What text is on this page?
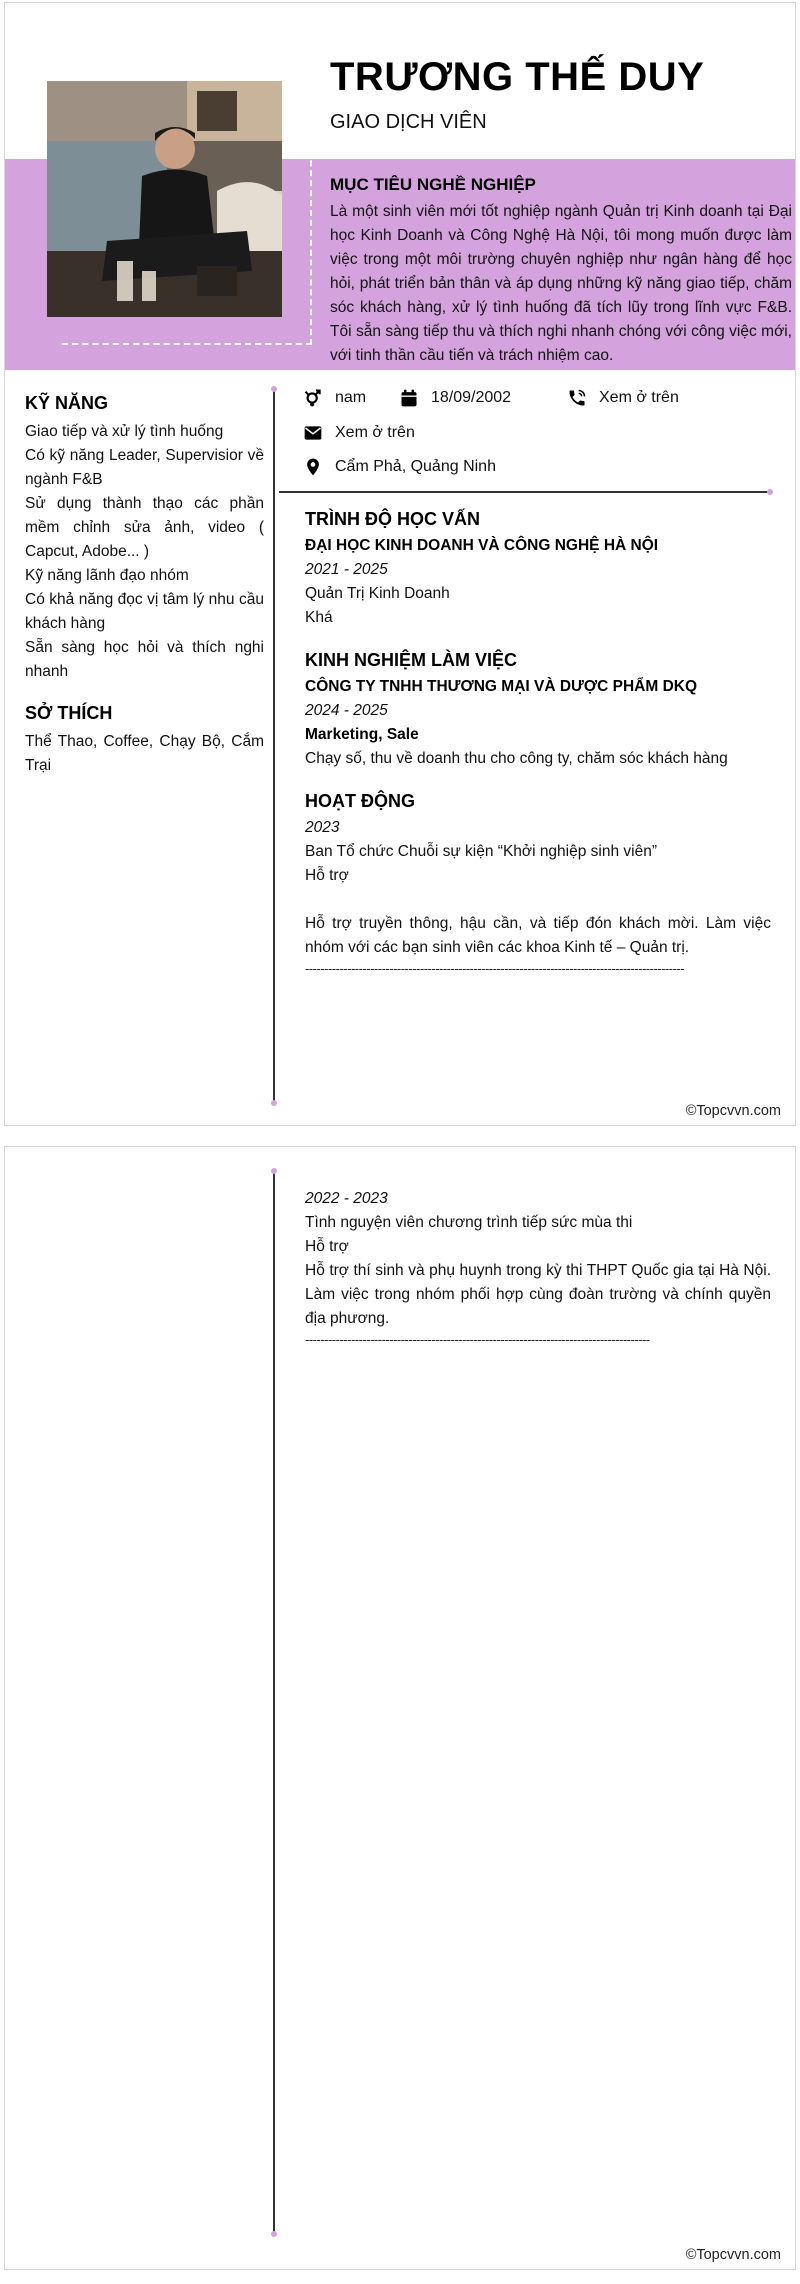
TRƯƠNG THẾ DUY
GIAO DỊCH VIÊN
MỤC TIÊU NGHỀ NGHIỆP
Là một sinh viên mới tốt nghiệp ngành Quản trị Kinh doanh tại Đại học Kinh Doanh và Công Nghệ Hà Nội, tôi mong muốn được làm việc trong một môi trường chuyên nghiệp như ngân hàng để học hỏi, phát triển bản thân và áp dụng những kỹ năng giao tiếp, chăm sóc khách hàng, xử lý tình huống đã tích lũy trong lĩnh vực F&B. Tôi sẵn sàng tiếp thu và thích nghi nhanh chóng với công việc mới, với tinh thần cầu tiến và trách nhiệm cao.
KỸ NĂNG
Giao tiếp và xử lý tình huống
Có kỹ năng Leader, Supervisior về ngành F&B
Sử dụng thành thạo các phần mềm chỉnh sửa ảnh, video ( Capcut, Adobe... )
Kỹ năng lãnh đạo nhóm
Có khả năng đọc vị tâm lý nhu cầu khách hàng
Sẵn sàng học hỏi và thích nghi nhanh
SỞ THÍCH
Thể Thao, Coffee, Chạy Bộ, Cắm Trại
nam	18/09/2002	Xem ở trên
Xem ở trên
Cẩm Phả, Quảng Ninh
TRÌNH ĐỘ HỌC VẤN
ĐẠI HỌC KINH DOANH VÀ CÔNG NGHỆ HÀ NỘI
2021 - 2025
Quản Trị Kinh Doanh
Khá
KINH NGHIỆM LÀM VIỆC
CÔNG TY TNHH THƯƠNG MẠI VÀ DƯỢC PHẨM DKQ
2024 - 2025
Marketing, Sale
Chạy số, thu về doanh thu cho công ty, chăm sóc khách hàng
HOẠT ĐỘNG
2023
Ban Tổ chức Chuỗi sự kiện “Khởi nghiệp sinh viên”
Hỗ trợ
Hỗ trợ truyền thông, hậu cần, và tiếp đón khách mời. Làm việc nhóm với các bạn sinh viên các khoa Kinh tế – Quản trị.
---------------------------------------------------------------------------------------------------
©Topcvvn.com
2022 - 2023
Tình nguyện viên chương trình tiếp sức mùa thi
Hỗ trợ
Hỗ trợ thí sinh và phụ huynh trong kỳ thi THPT Quốc gia tại Hà Nội. Làm việc trong nhóm phối hợp cùng đoàn trường và chính quyền địa phương.
------------------------------------------------------------------------------------------
©Topcvvn.com
